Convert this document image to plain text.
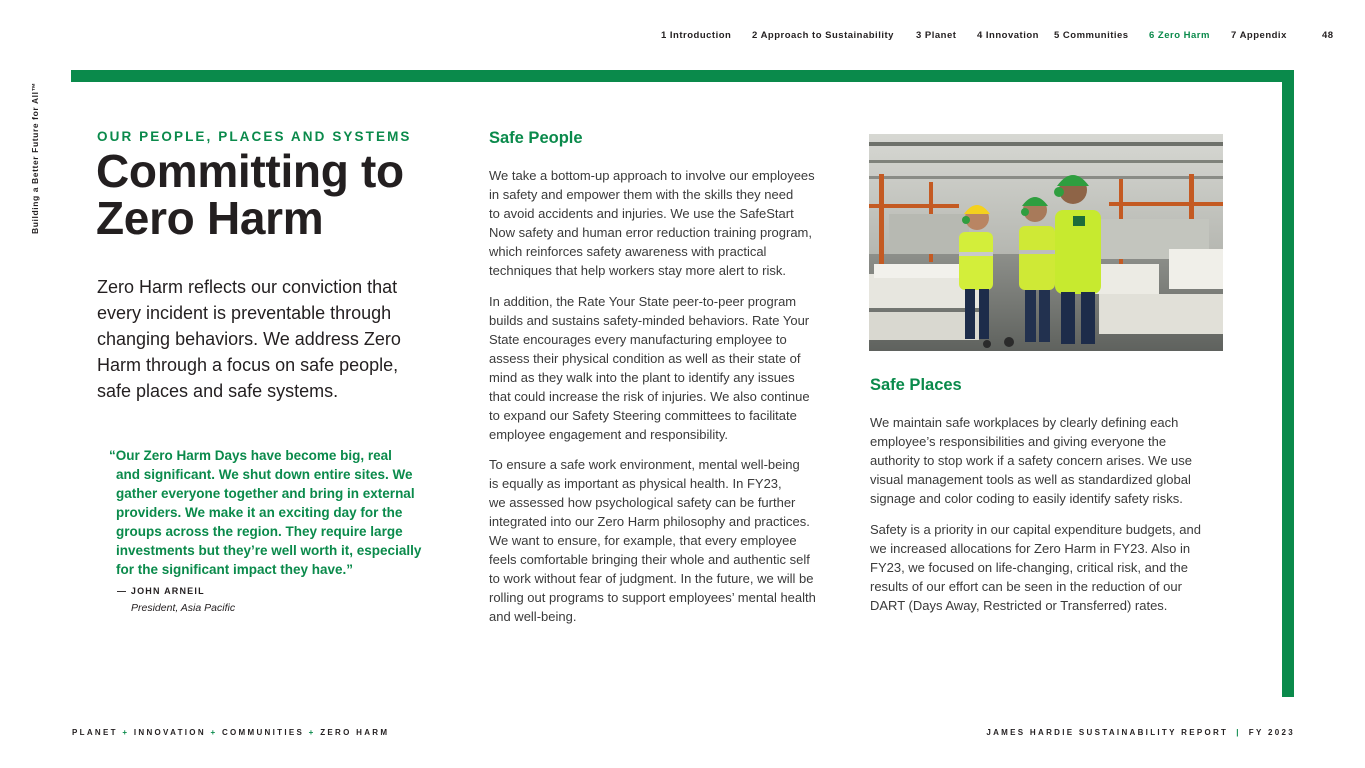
1 Introduction 2 Approach to Sustainability 3 Planet 4 Innovation 5 Communities 6 Zero Harm 7 Appendix	48
Building a Better Future for All™	OUR PEOPLE, PLACES AND SYSTEMS
Committing to
Zero Harm
Zero Harm reflects our conviction that every incident is preventable through changing behaviors. We address Zero Harm through a focus on safe people, safe places and safe systems.
“Our Zero Harm Days have become big, real
and significant. We shut down entire sites. We
gather everyone together and bring in external
providers. We make it an exciting day for the
groups across the region. They require large
investments but they’re well worth it, especially
for the significant impact they have.”
— JOHN ARNEIL
President, Asia Pacific
Safe People
We take a bottom-up approach to involve our employees
in safety and empower them with the skills they need
to avoid accidents and injuries. We use the SafeStart
Now safety and human error reduction training program,
which reinforces safety awareness with practical
techniques that help workers stay more alert to risk.
In addition, the Rate Your State peer-to-peer program
builds and sustains safety-minded behaviors. Rate Your
State encourages every manufacturing employee to
assess their physical condition as well as their state of
mind as they walk into the plant to identify any issues
that could increase the risk of injuries. We also continue
to expand our Safety Steering committees to facilitate
employee engagement and responsibility.
To ensure a safe work environment, mental well-being
is equally as important as physical health. In FY23,
we assessed how psychological safety can be further
integrated into our Zero Harm philosophy and practices.
We want to ensure, for example, that every employee
feels comfortable bringing their whole and authentic self
to work without fear of judgment. In the future, we will be
rolling out programs to support employees’ mental health
and well-being.
Safe Places
We maintain safe workplaces by clearly defining each
employee’s responsibilities and giving everyone the
authority to stop work if a safety concern arises. We use
visual management tools as well as standardized global
signage and color coding to easily identify safety risks.
Safety is a priority in our capital expenditure budgets, and
we increased allocations for Zero Harm in FY23. Also in
FY23, we focused on life-changing, critical risk, and the
results of our effort can be seen in the reduction of our
DART (Days Away, Restricted or Transferred) rates.
PLANET + INNOVATION + COMMUNITIES + ZERO HARM	JAMES HARDIE SUSTAINABILITY REPORT | FY 2023
